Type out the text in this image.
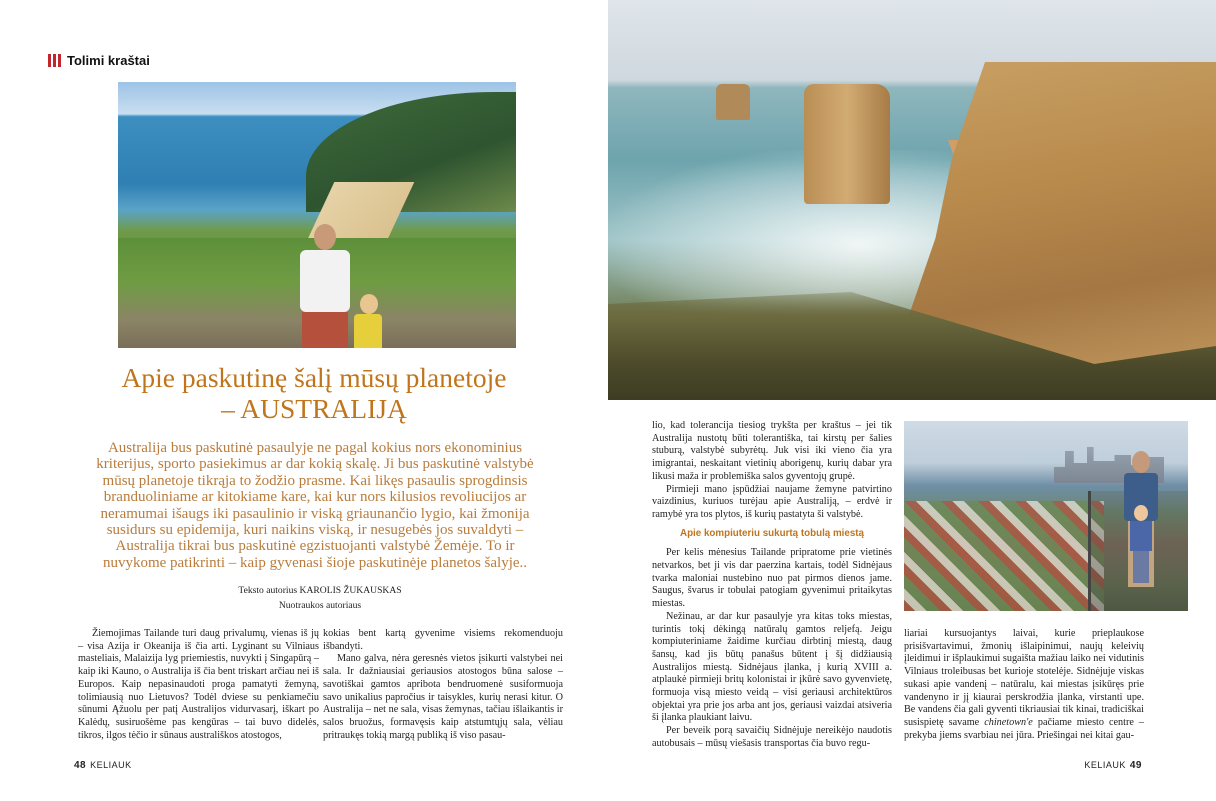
Tolimi kraštai
Apie paskutinę šalį mūsų planetoje – AUSTRALIJĄ

Australija bus paskutinė pasaulyje ne pagal kokius nors ekonominius kriterijus, sporto pasiekimus ar dar kokią skalę. Ji bus paskutinė valstybė mūsų planetoje tikrąja to žodžio prasme. Kai likęs pasaulis sprogdinsis branduoliniame ar kitokiame kare, kai kur nors kilusios revoliucijos ar neramumai išaugs iki pasaulinio ir viską griaunančio lygio, kai žmonija susidurs su epidemija, kuri naikins viską, ir nesugebės jos suvaldyti – Australija tikrai bus paskutinė egzistuojanti valstybė Žemėje. To ir nuvykome patikrinti – kaip gyvenasi šioje paskutinėje planetos šalyje..

Teksto autorius KAROLIS ŽUKAUSKAS
Nuotraukos autoriaus

Žiemojimas Tailande turi daug privalumų, vienas iš jų – visa Azija ir Okeanija iš čia arti. Lyginant su Vilniaus masteliais, Malaizija lyg priemiestis, nuvykti į Singapūrą – kaip iki Kauno, o Australija iš čia bent triskart arčiau nei iš Europos. Kaip nepasinaudoti proga pamatyti žemyną, tolimiausią nuo Lietuvos? Todėl dviese su penkiamečiu sūnumi Ąžuolu per patį Australijos vidurvasarį, iškart po Kalėdų, susiruošėme pas kengūras – tai buvo didelės, tikros, ilgos tėčio ir sūnaus australiškos atostogos,

kokias bent kartą gyvenime visiems rekomenduoju išbandyti.

Mano galva, nėra geresnės vietos įsikurti valstybei nei sala. Ir dažniausiai geriausios atostogos būna salose – savotiškai gamtos apribota bendruomenė susiformuoja savo unikalius papročius ir taisykles, kurių nerasi kitur. O Australija – net ne sala, visas žemynas, tačiau išlaikantis ir salos bruožus, formavęsis kaip atstumtųjų sala, vėliau pritraukęs tokią margą publiką iš viso pasau-

lio, kad tolerancija tiesiog trykšta per kraštus – jei tik Australija nustotų būti tolerantiška, tai kirstų per šalies stuburą, valstybė subyrėtų. Juk visi iki vieno čia yra imigrantai, neskaitant vietinių aborigenų, kurių dabar yra likusi maža ir problemiška salos gyventojų grupė.

Pirmieji mano įspūdžiai naujame žemyne patvirtino vaizdinius, kuriuos turėjau apie Australiją, – erdvė ir ramybė yra tos plytos, iš kurių pastatyta ši valstybė.

Apie kompiuteriu sukurtą tobulą miestą

Per kelis mėnesius Tailande pripratome prie vietinės netvarkos, bet ji vis dar paerzina kartais, todėl Sidnėjaus tvarka maloniai nustebino nuo pat pirmos dienos jame. Saugus, švarus ir tobulai patogiam gyvenimui pritaikytas miestas.

Nežinau, ar dar kur pasaulyje yra kitas toks miestas, turintis tokį dėkingą natūralų gamtos reljefą. Jeigu kompiuteriniame žaidime kurčiau dirbtinį miestą, daug šansų, kad jis būtų panašus būtent į šį didžiausią Australijos miestą. Sidnėjaus įlanka, į kurią XVIII a. atplaukė pirmieji britų kolonistai ir įkūrė savo gyvenvietę, formuoja visą miesto veidą – visi geriausi architektūros objektai yra prie jos arba ant jos, geriausi vaizdai atsiveria ši įlanka plaukiant laivu.

Per beveik porą savaičių Sidnėjuje nereikėjo naudotis autobusais – mūsų viešasis transportas čia buvo regu-

liariai kursuojantys laivai, kurie prieplaukose prisišvartavimui, žmonių išlaipinimui, naujų keleivių įleidimui ir išplaukimui sugaišta mažiau laiko nei vidutinis Vilniaus troleibusas bet kurioje stotelėje. Sidnėjuje viskas sukasi apie vandenį – natūralu, kai miestas įsikūręs prie vandenyno ir jį kiaurai perskrodžia įlanka, virstanti upe. Be vandens čia gali gyventi tikriausiai tik kinai, tradiciškai susispietę savame chinetown'e pačiame miesto centre – prekyba jiems svarbiau nei jūra. Priešingai nei kitai gau-

48 KELIAUK	KELIAUK 49
